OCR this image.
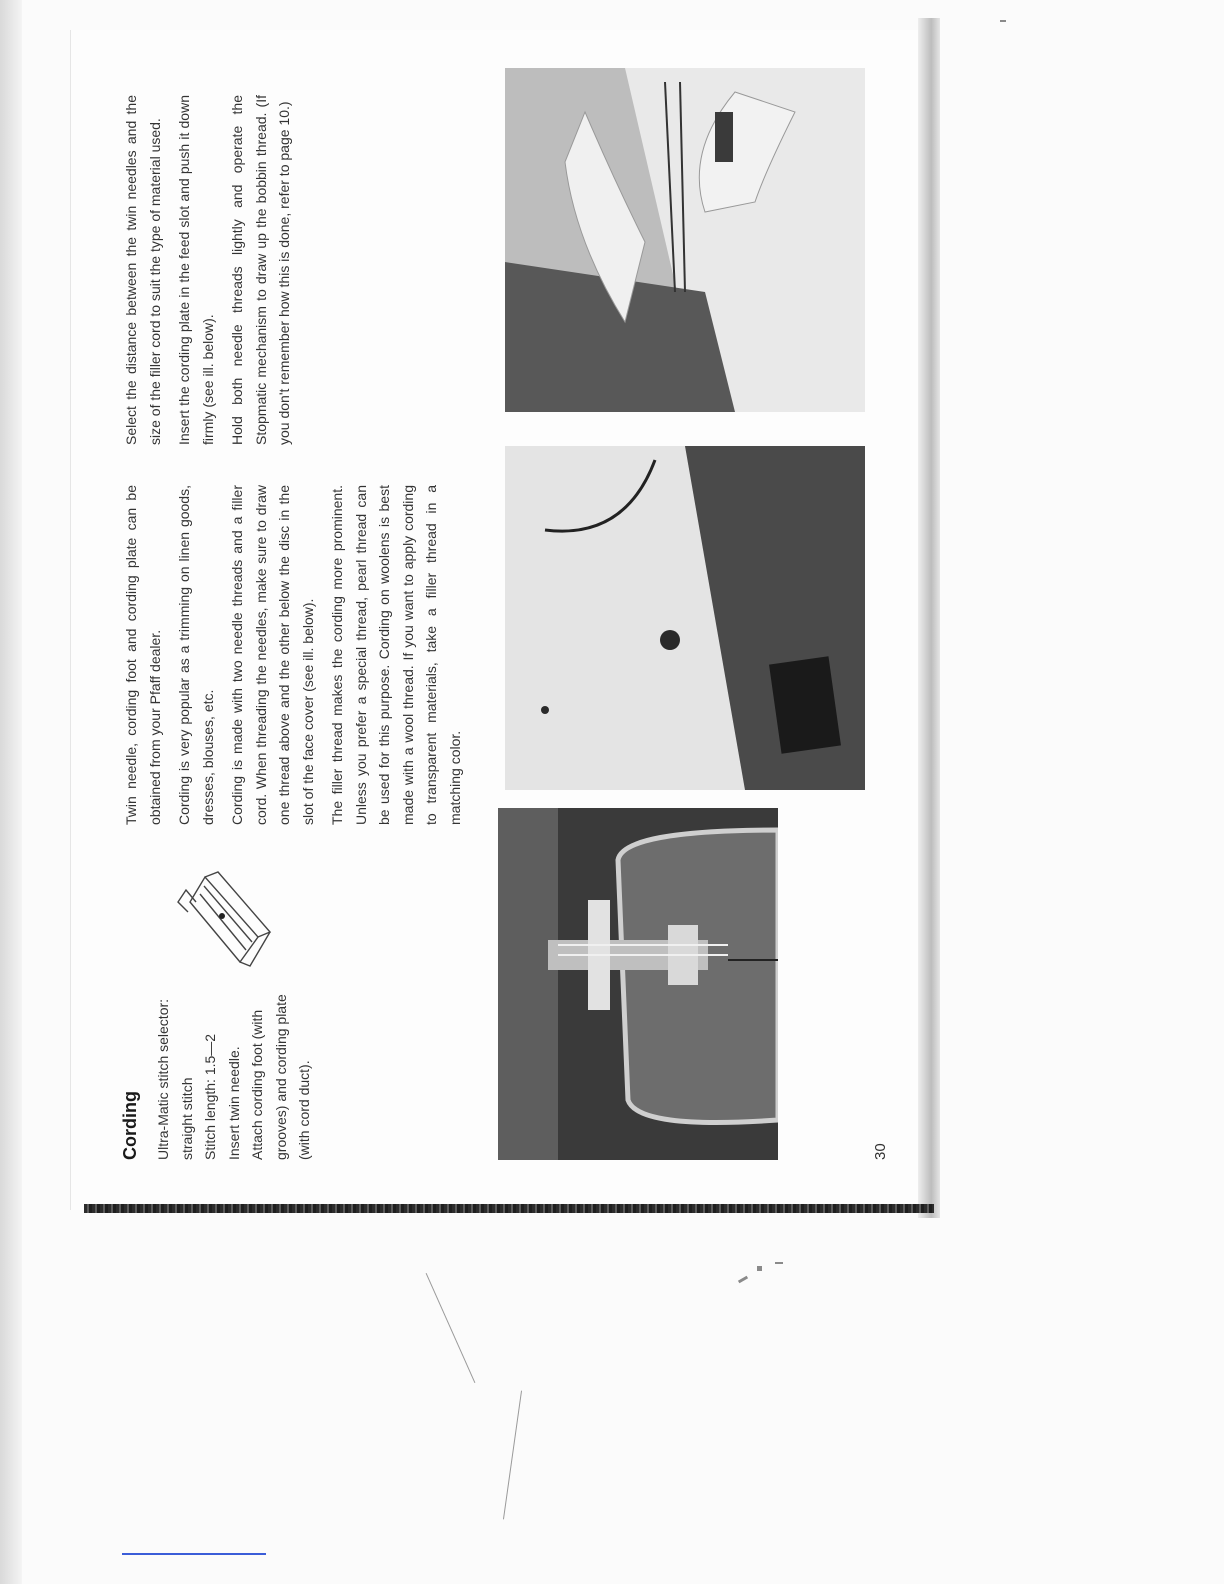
Cording Ultra-Matic stitch selector: straight stitch Stitch length: 1.5—2 Insert twin needle. Attach cording foot (with grooves) and cording plate (with cord duct).

Twin needle, cording foot and cording plate can be obtained from your Pfaff dealer. Cording is very popular as a trimming on linen goods, dresses, blouses, etc. Cording is made with two needle threads and a filler cord. When threading the needles, make sure to draw one thread above and the other below the disc in the slot of the face cover (see ill. below). The filler thread makes the cording more prominent. Unless you prefer a special thread, pearl thread can be used for this purpose. Cording on woolens is best made with a wool thread. If you want to apply cording to transparent materials, take a filler thread in a matching color.

Select the distance between the twin needles and the size of the filler cord to suit the type of material used. Insert the cording plate in the feed slot and push it down firmly (see ill. below). Hold both needle threads lightly and operate the Stopmatic mechanism to draw up the bobbin thread. (If you don't remember how this is done, refer to page 10.)

30
